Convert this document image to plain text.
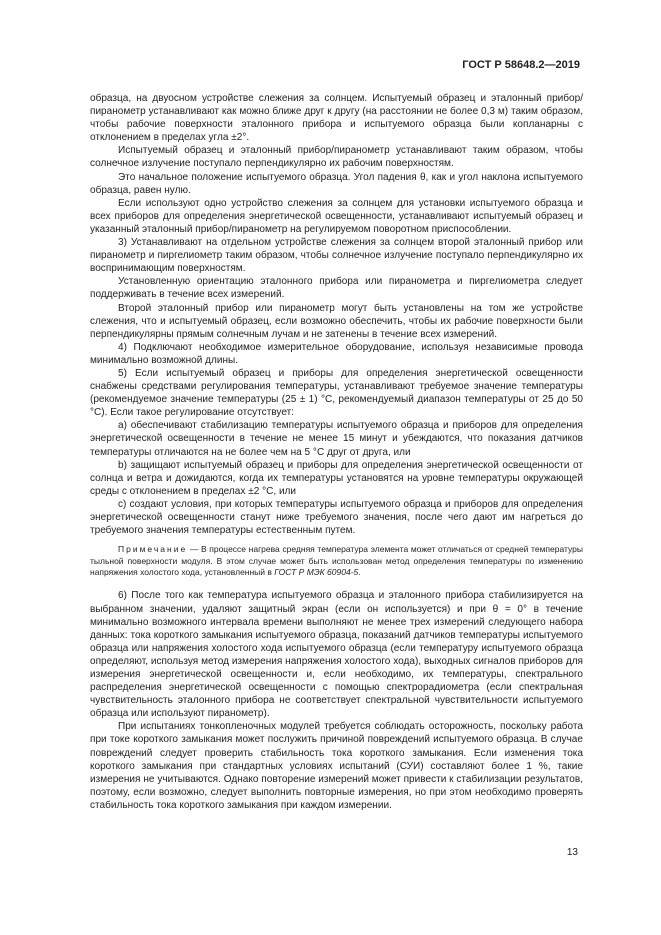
ГОСТ Р 58648.2—2019

образца, на двуосном устройстве слежения за солнцем. Испытуемый образец и эталонный прибор/пиранометр устанавливают как можно ближе друг к другу (на расстоянии не более 0,3 м) таким образом, чтобы рабочие поверхности эталонного прибора и испытуемого образца были копланарны с отклонением в пределах угла ±2°.

Испытуемый образец и эталонный прибор/пиранометр устанавливают таким образом, чтобы солнечное излучение поступало перпендикулярно их рабочим поверхностям.

Это начальное положение испытуемого образца. Угол падения θ, как и угол наклона испытуемого образца, равен нулю.

Если используют одно устройство слежения за солнцем для установки испытуемого образца и всех приборов для определения энергетической освещенности, устанавливают испытуемый образец и указанный эталонный прибор/пиранометр на регулируемом поворотном приспособлении.

3) Устанавливают на отдельном устройстве слежения за солнцем второй эталонный прибор или пиранометр и пиргелиометр таким образом, чтобы солнечное излучение поступало перпендикулярно их воспринимающим поверхностям.

Установленную ориентацию эталонного прибора или пиранометра и пиргелиометра следует поддерживать в течение всех измерений.

Второй эталонный прибор или пиранометр могут быть установлены на том же устройстве слежения, что и испытуемый образец, если возможно обеспечить, чтобы их рабочие поверхности были перпендикулярны прямым солнечным лучам и не затенены в течение всех измерений.

4) Подключают необходимое измерительное оборудование, используя независимые провода минимально возможной длины.

5) Если испытуемый образец и приборы для определения энергетической освещенности снабжены средствами регулирования температуры, устанавливают требуемое значение температуры (рекомендуемое значение температуры (25 ± 1) °С, рекомендуемый диапазон температуры от 25 до 50 °С). Если такое регулирование отсутствует:

a) обеспечивают стабилизацию температуры испытуемого образца и приборов для определения энергетической освещенности в течение не менее 15 минут и убеждаются, что показания датчиков температуры отличаются на не более чем на 5 °С друг от друга, или

b) защищают испытуемый образец и приборы для определения энергетической освещенности от солнца и ветра и дожидаются, когда их температуры установятся на уровне температуры окружающей среды с отклонением в пределах ±2 °С, или

c) создают условия, при которых температуры испытуемого образца и приборов для определения энергетической освещенности станут ниже требуемого значения, после чего дают им нагреться до требуемого значения температуры естественным путем.

Примечание — В процессе нагрева средняя температура элемента может отличаться от средней температуры тыльной поверхности модуля. В этом случае может быть использован метод определения температуры по изменению напряжения холостого хода, установленный в ГОСТ Р МЭК 60904-5.

6) После того как температура испытуемого образца и эталонного прибора стабилизируется на выбранном значении, удаляют защитный экран (если он используется) и при θ = 0° в течение минимально возможного интервала времени выполняют не менее трех измерений следующего набора данных: тока короткого замыкания испытуемого образца, показаний датчиков температуры испытуемого образца или напряжения холостого хода испытуемого образца (если температуру испытуемого образца определяют, используя метод измерения напряжения холостого хода), выходных сигналов приборов для измерения энергетической освещенности и, если необходимо, их температуры, спектрального распределения энергетической освещенности с помощью спектрорадиометра (если спектральная чувствительность эталонного прибора не соответствует спектральной чувствительности испытуемого образца или используют пиранометр).

При испытаниях тонкопленочных модулей требуется соблюдать осторожность, поскольку работа при токе короткого замыкания может послужить причиной повреждений испытуемого образца. В случае повреждений следует проверить стабильность тока короткого замыкания. Если изменения тока короткого замыкания при стандартных условиях испытаний (СУИ) составляют более 1 %, такие измерения не учитываются. Однако повторение измерений может привести к стабилизации результатов, поэтому, если возможно, следует выполнить повторные измерения, но при этом необходимо проверять стабильность тока короткого замыкания при каждом измерении.

13
